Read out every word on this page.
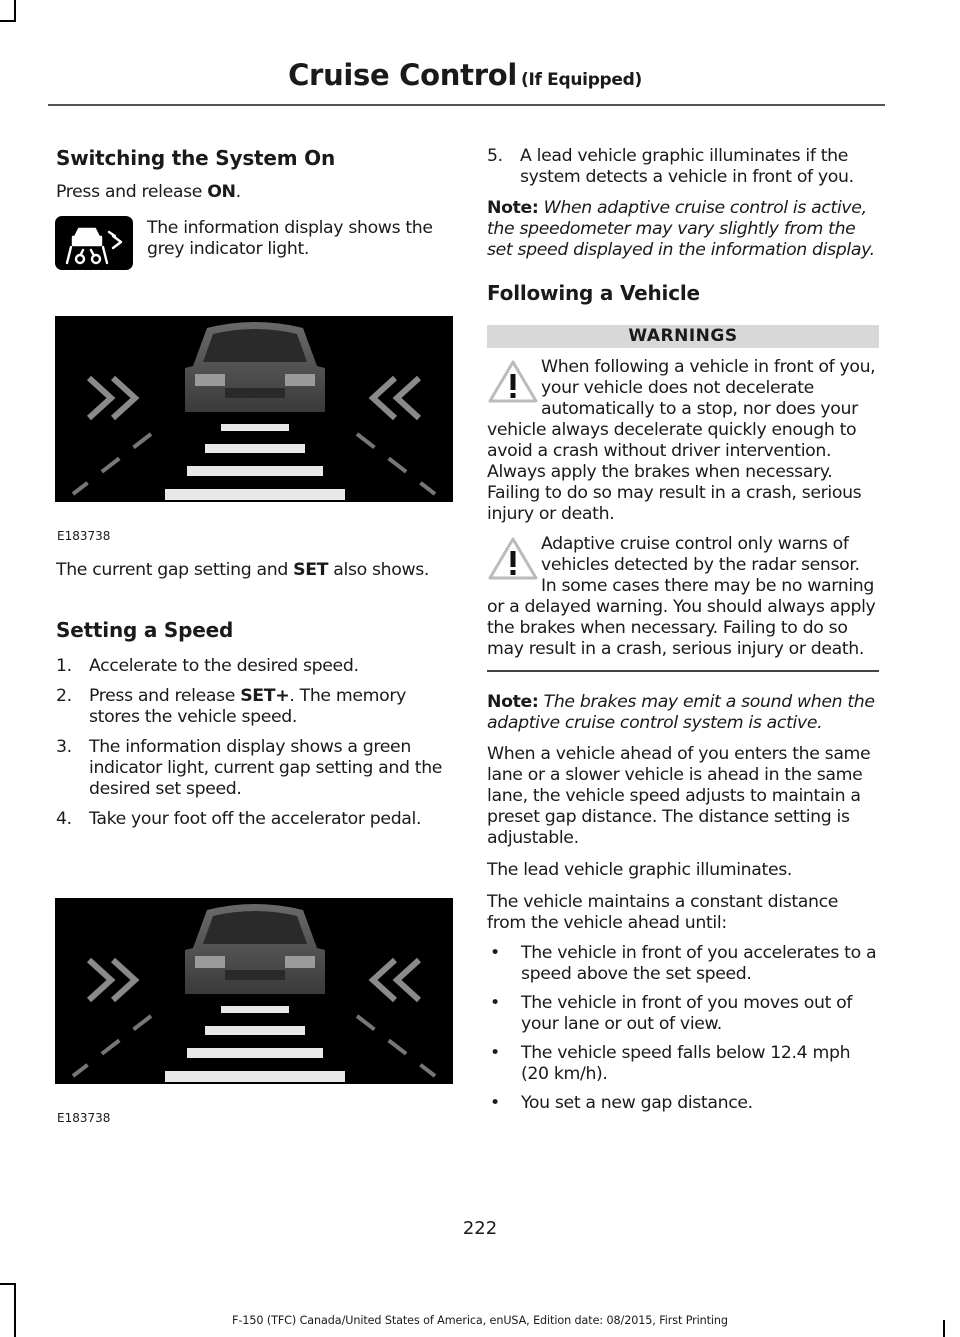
Cruise Control (If Equipped)
Switching the System On

Press and release ON.

The information display shows the grey indicator light.

E183738

The current gap setting and SET also shows.

Setting a Speed
1. Accelerate to the desired speed.
2. Press and release SET+. The memory stores the vehicle speed.
3. The information display shows a green indicator light, current gap setting and the desired set speed.
4. Take your foot off the accelerator pedal.
E183738
5. A lead vehicle graphic illuminates if the system detects a vehicle in front of you.

Note: When adaptive cruise control is active, the speedometer may vary slightly from the set speed displayed in the information display.

Following a Vehicle
WARNINGS

When following a vehicle in front of you, your vehicle does not decelerate automatically to a stop, nor does your vehicle always decelerate quickly enough to avoid a crash without driver intervention. Always apply the brakes when necessary. Failing to do so may result in a crash, serious injury or death.

Adaptive cruise control only warns of vehicles detected by the radar sensor. In some cases there may be no warning or a delayed warning. You should always apply the brakes when necessary. Failing to do so may result in a crash, serious injury or death.

Note: The brakes may emit a sound when the adaptive cruise control system is active.

When a vehicle ahead of you enters the same lane or a slower vehicle is ahead in the same lane, the vehicle speed adjusts to maintain a preset gap distance. The distance setting is adjustable.

The lead vehicle graphic illuminates.

The vehicle maintains a constant distance from the vehicle ahead until:

• The vehicle in front of you accelerates to a speed above the set speed.
• The vehicle in front of you moves out of your lane or out of view.
• The vehicle speed falls below 12.4 mph (20 km/h).
• You set a new gap distance.
222
F-150 (TFC) Canada/United States of America, enUSA, Edition date: 08/2015, First Printing
